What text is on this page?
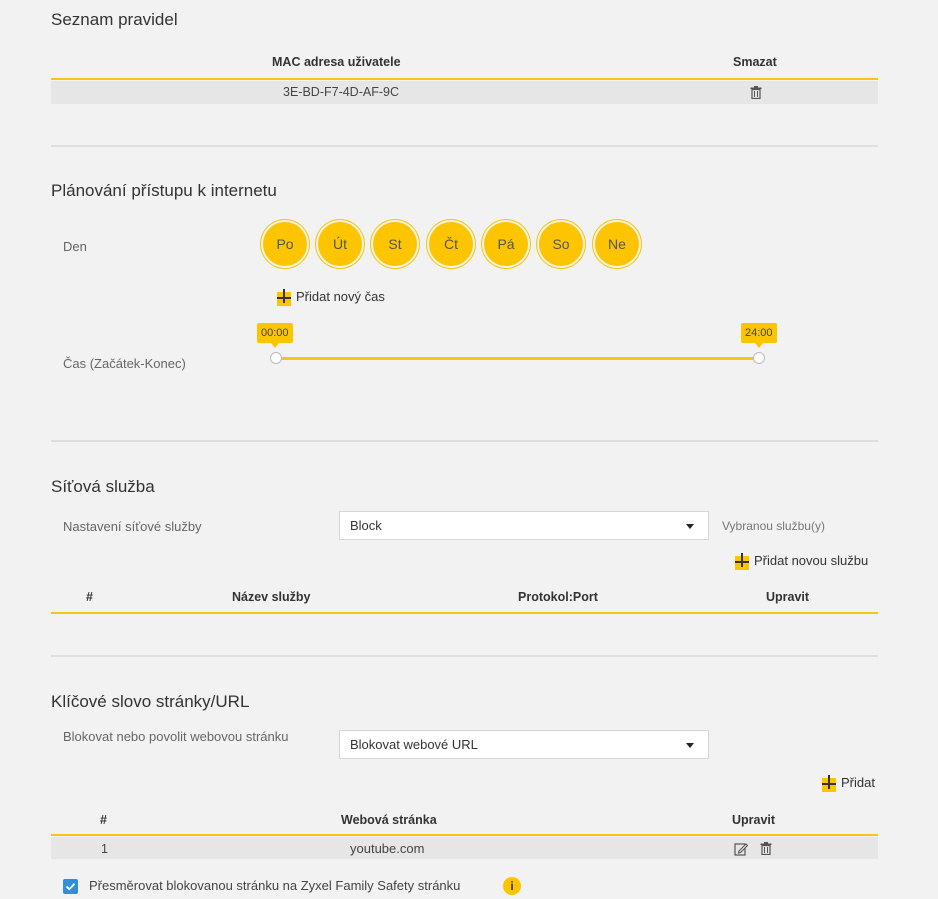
Seznam pravidel
MAC adresa uživatele	Smazat
3E-BD-F7-4D-AF-9C
Plánování přístupu k internetu
Den	Po	Út	St	Čt	Pá	So	Ne
Přidat nový čas
Čas (Začátek-Konec)
00:00	24:00
Síťová služba
Nastavení síťové služby	Block	Vybranou službu(y)
Přidat novou službu
#	Název služby	Protokol:Port	Upravit
Klíčové slovo stránky/URL
Blokovat nebo povolit webovou stránku
Blokovat webové URL
Přidat
#	Webová stránka	Upravit
1	youtube.com
Přesměrovat blokovanou stránku na Zyxel Family Safety stránku	i
